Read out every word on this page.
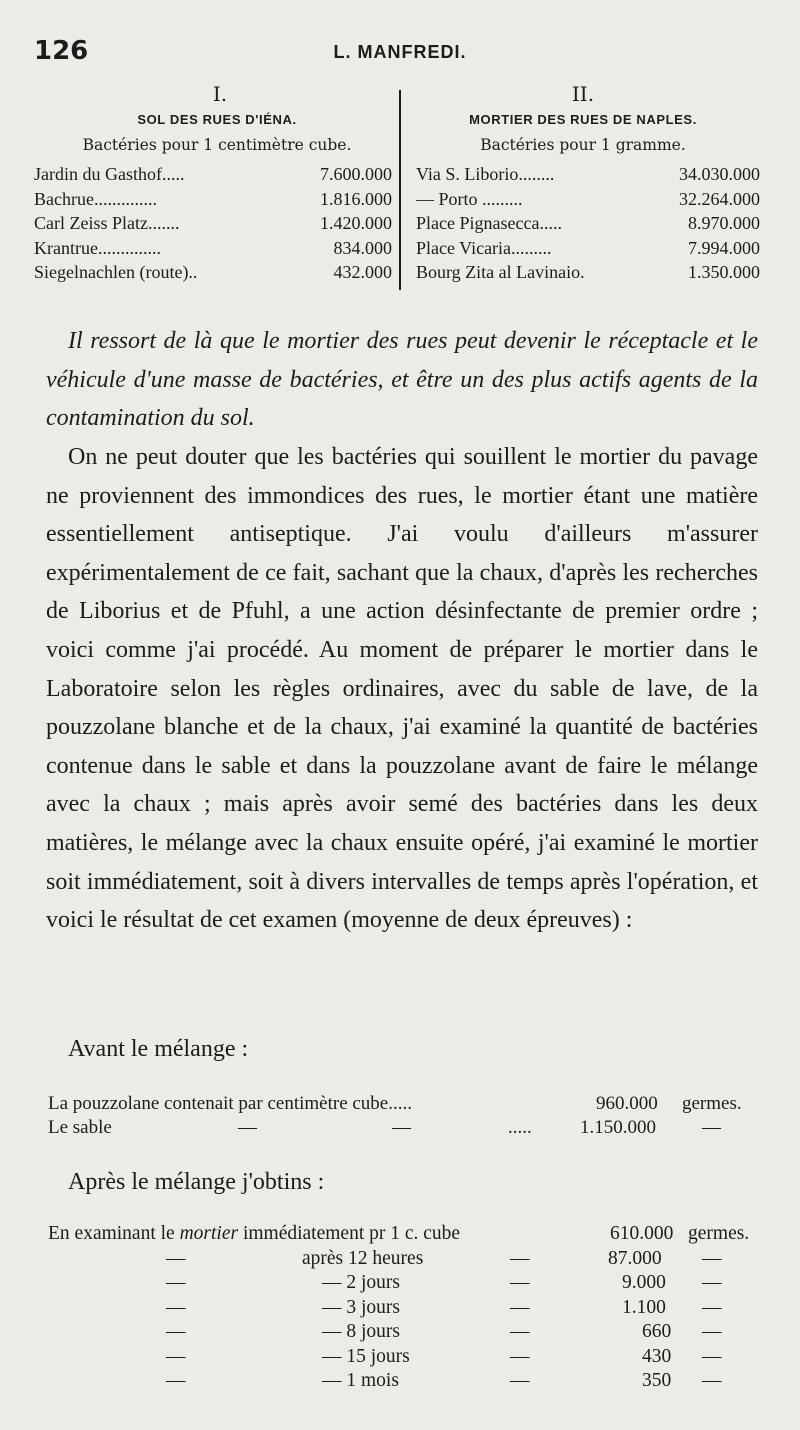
126	L. MANFREDI.
I.
SOL DES RUES D'IÉNA.
Bactéries pour 1 centimètre cube.
Jardin du Gasthof.....	7.600.000
Bachrue..............	1.816.000
Carl Zeiss Platz.......	1.420.000
Krantrue..............	834.000
Siegelnachlen (route)..	432.000
II.
MORTIER DES RUES DE NAPLES.
Bactéries pour 1 gramme.
Via S. Liborio........	34.030.000
— Porto .........	32.264.000
Place Pignasecca.....	8.970.000
Place Vicaria.........	7.994.000
Bourg Zita al Lavinaio.	1.350.000

Il ressort de là que le mortier des rues peut devenir le réceptacle et le véhicule d'une masse de bactéries, et être un des plus actifs agents de la contamination du sol.

On ne peut douter que les bactéries qui souillent le mortier du pavage ne proviennent des immondices des rues, le mortier étant une matière essentiellement antiseptique. J'ai voulu d'ailleurs m'assurer expérimentalement de ce fait, sachant que la chaux, d'après les recherches de Liborius et de Pfuhl, a une action désinfectante de premier ordre ; voici comme j'ai procédé. Au moment de préparer le mortier dans le Laboratoire selon les règles ordinaires, avec du sable de lave, de la pouzzolane blanche et de la chaux, j'ai examiné la quantité de bactéries contenue dans le sable et dans la pouzzolane avant de faire le mélange avec la chaux ; mais après avoir semé des bactéries dans les deux matières, le mélange avec la chaux ensuite opéré, j'ai examiné le mortier soit immédiatement, soit à divers intervalles de temps après l'opération, et voici le résultat de cet examen (moyenne de deux épreuves) :

Avant le mélange :

La pouzzolane contenait par centimètre cube.....	960.000 germes.
Le sable	—	—	.....	1.150.000 —

Après le mélange j'obtins :

En examinant le mortier immédiatement pr 1 c. cube	610.000 germes.
—	après 12 heures	—	87.000 —
—	— 2 jours	—	9.000 —
—	— 3 jours	—	1.100 —
—	— 8 jours	—	660 —
—	— 15 jours	—	430 —
—	— 1 mois	—	350 —
